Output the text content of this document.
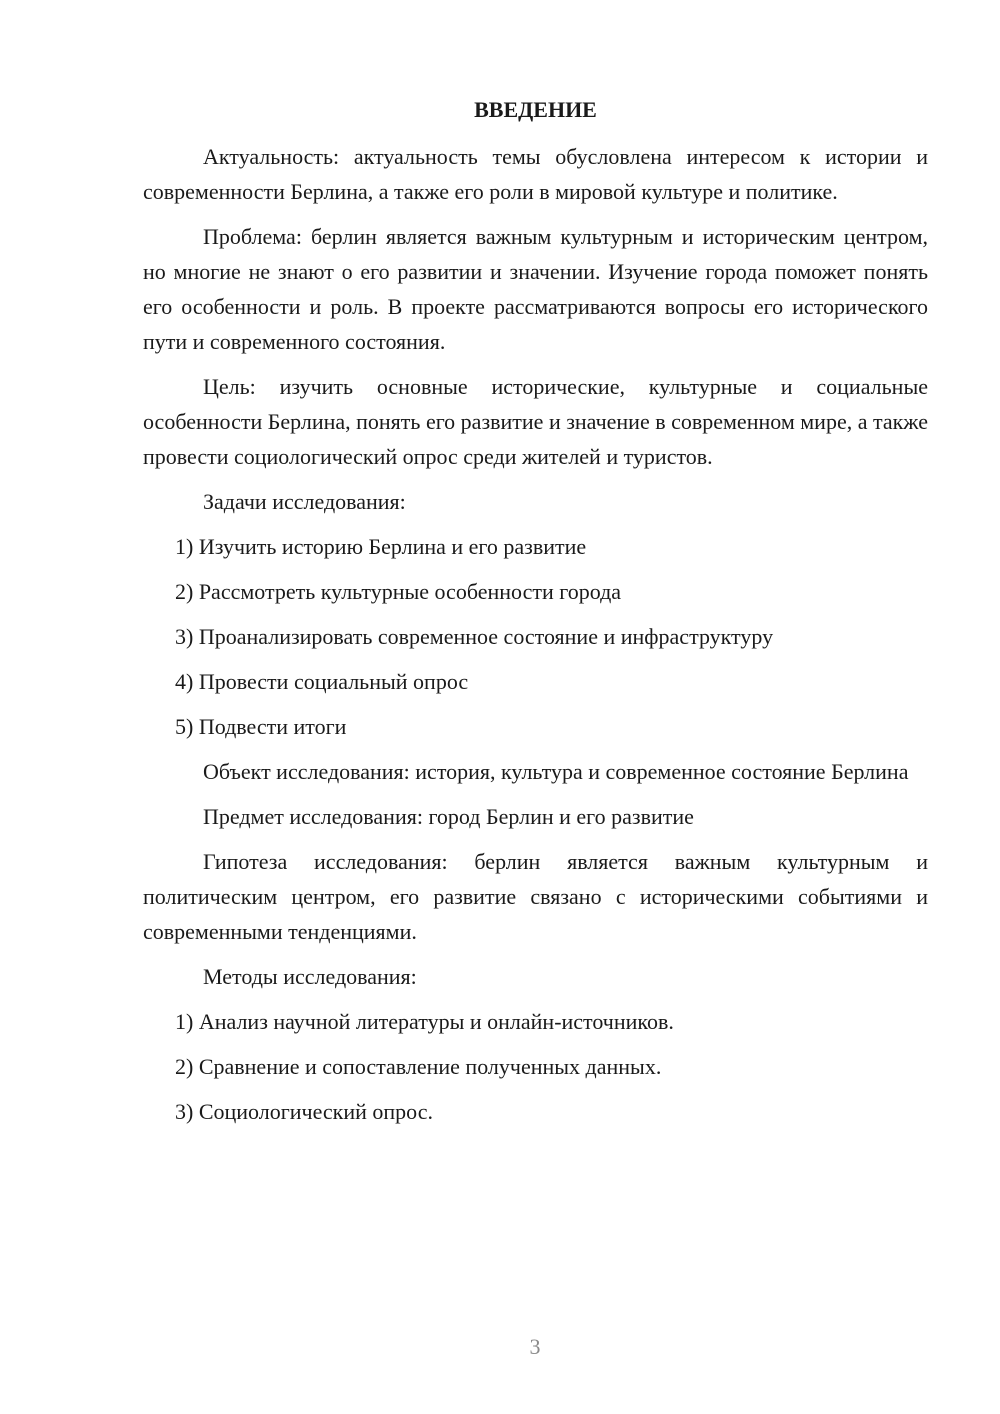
ВВЕДЕНИЕ

Актуальность: актуальность темы обусловлена интересом к истории и современности Берлина, а также его роли в мировой культуре и политике.

Проблема: берлин является важным культурным и историческим центром, но многие не знают о его развитии и значении. Изучение города поможет понять его особенности и роль. В проекте рассматриваются вопросы его исторического пути и современного состояния.

Цель: изучить основные исторические, культурные и социальные особенности Берлина, понять его развитие и значение в современном мире, а также провести социологический опрос среди жителей и туристов.

Задачи исследования:

1) Изучить историю Берлина и его развитие

2) Рассмотреть культурные особенности города

3) Проанализировать современное состояние и инфраструктуру

4) Провести социальный опрос

5) Подвести итоги

Объект исследования: история, культура и современное состояние Берлина

Предмет исследования: город Берлин и его развитие

Гипотеза исследования: берлин является важным культурным и политическим центром, его развитие связано с историческими событиями и современными тенденциями.

Методы исследования:

1) Анализ научной литературы и онлайн-источников.

2) Сравнение и сопоставление полученных данных.

3) Социологический опрос.

3
